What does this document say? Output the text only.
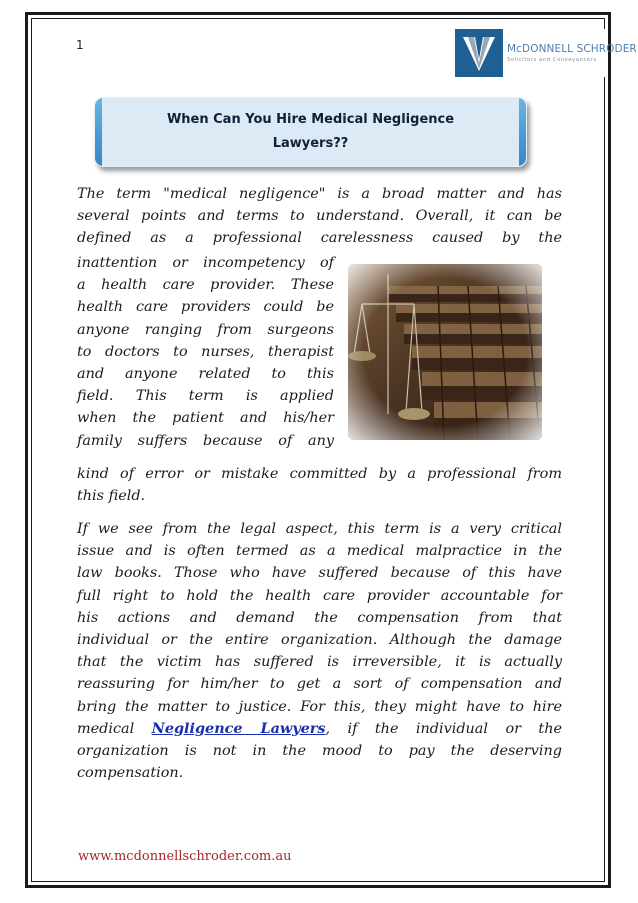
1	McDONNELL SCHRODER
Solicitors and Conveyancers
When Can You Hire Medical Negligence
Lawyers??
The term "medical negligence" is a broad matter and has
several points and terms to understand. Overall, it can be
defined as a professional carelessness caused by the
inattention or incompetency of
a health care provider. These
health care providers could be
anyone ranging from surgeons
to doctors to nurses, therapist
and anyone related to this
field. This term is applied
when the patient and his/her
family suffers because of any
kind of error or mistake committed by a professional from
this field.
If we see from the legal aspect, this term is a very critical
issue and is often termed as a medical malpractice in the
law books. Those who have suffered because of this have
full right to hold the health care provider accountable for
his actions and demand the compensation from that
individual or the entire organization. Although the damage
that the victim has suffered is irreversible, it is actually
reassuring for him/her to get a sort of compensation and
bring the matter to justice. For this, they might have to hire
medical Negligence Lawyers, if the individual or the
organization is not in the mood to pay the deserving
compensation.
www.mcdonnellschroder.com.au
